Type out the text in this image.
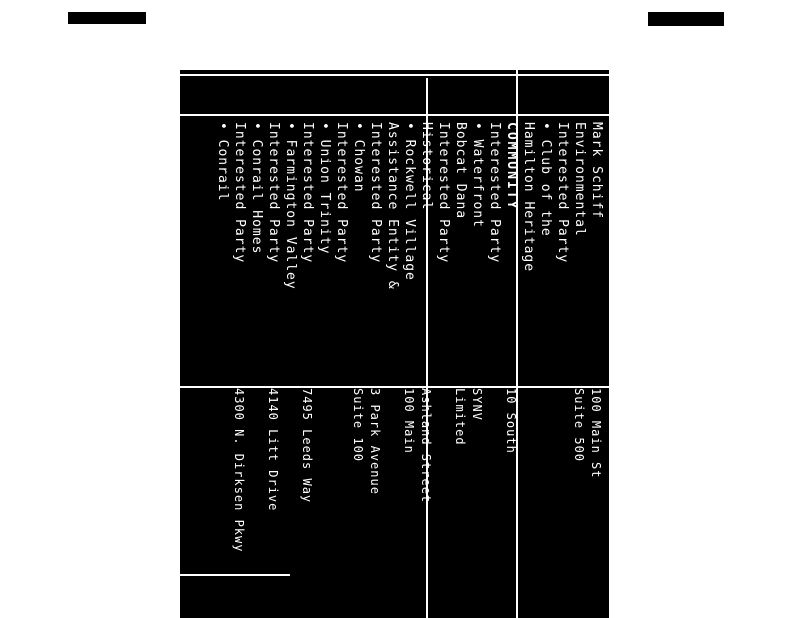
Mark Schiff
100 Main St
Environmental
Suite 500
Interested Party
• Club of the
Hamilton Heritage
COMMUNITY
10 South
Interested Party
• Waterfront
SYNV
Bobcat Dana
Limited
Interested Party
Historical
Ashland Street
• Rockwell Village
100 Main
Assistance Entity &
Interested Party
3 Park Avenue
• Chowan
Suite 100
Interested Party
• Union Trinity
Interested Party
7495 Leeds Way
• Farmington Valley
Interested Party
4140 Litt Drive
• Conrail Homes
Interested Party
4300 N. Dirksen Pkwy
• Conrail
